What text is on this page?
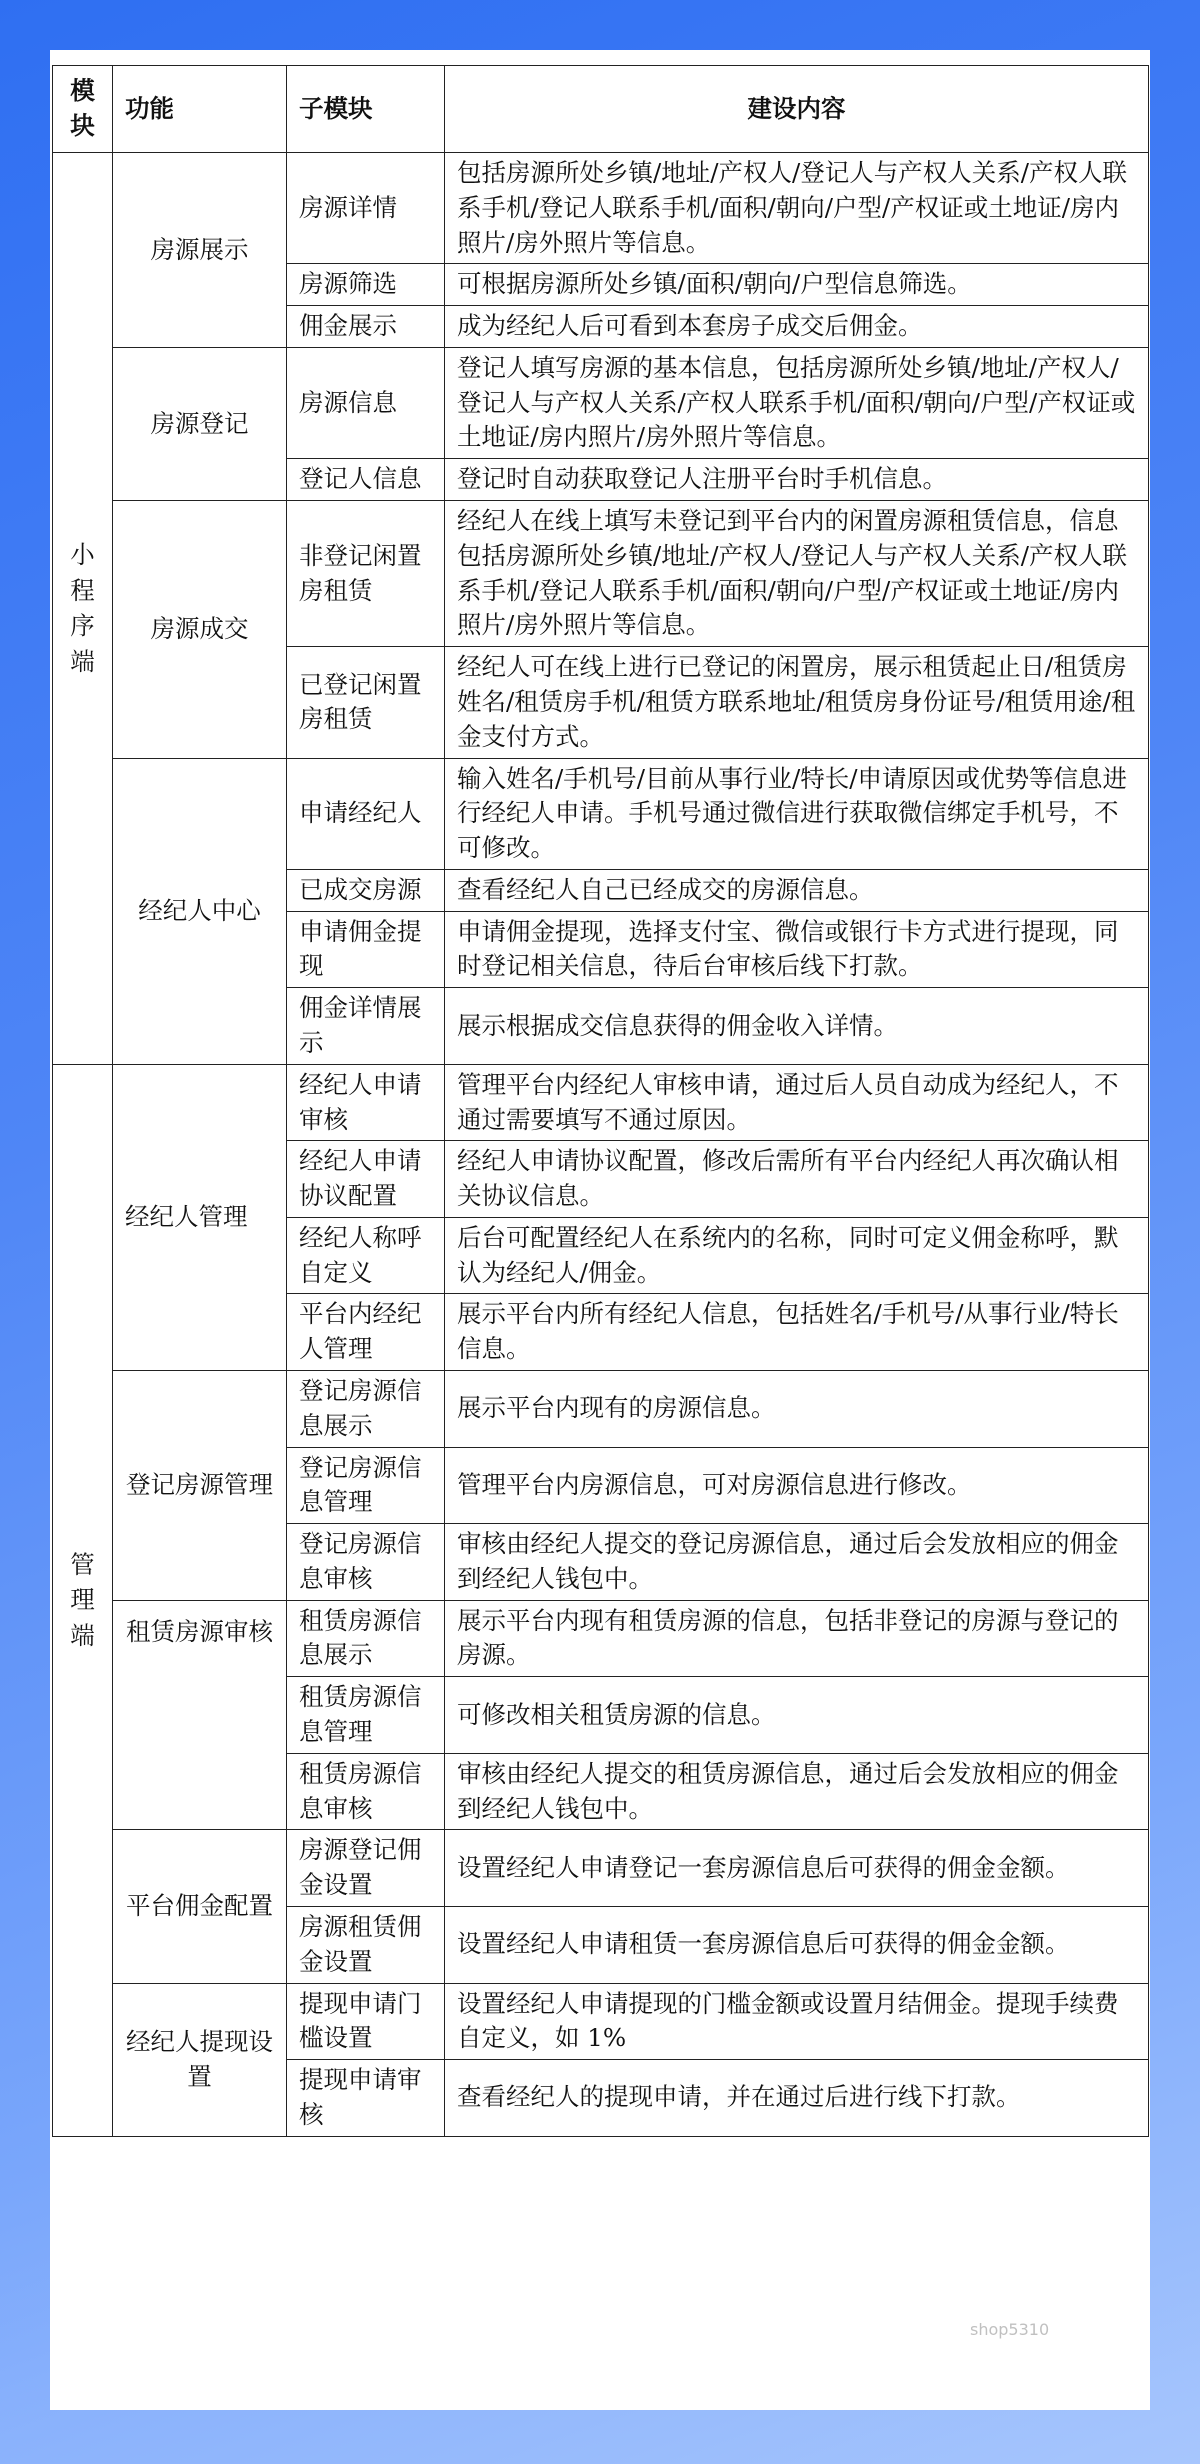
模块	功能	子模块	建设内容

小程序端	房源展示	房源详情	包括房源所处乡镇/地址/产权人/登记人与产权人关系/产权人联系手机/登记人联系手机/面积/朝向/户型/产权证或土地证/房内照片/房外照片等信息。
		房源筛选	可根据房源所处乡镇/面积/朝向/户型信息筛选。
		佣金展示	成为经纪人后可看到本套房子成交后佣金。
	房源登记	房源信息	登记人填写房源的基本信息，包括房源所处乡镇/地址/产权人/登记人与产权人关系/产权人联系手机/面积/朝向/户型/产权证或土地证/房内照片/房外照片等信息。
		登记人信息	登记时自动获取登记人注册平台时手机信息。
	房源成交	非登记闲置房租赁	经纪人在线上填写未登记到平台内的闲置房源租赁信息，信息包括房源所处乡镇/地址/产权人/登记人与产权人关系/产权人联系手机/登记人联系手机/面积/朝向/户型/产权证或土地证/房内照片/房外照片等信息。
		已登记闲置房租赁	经纪人可在线上进行已登记的闲置房，展示租赁起止日/租赁房姓名/租赁房手机/租赁方联系地址/租赁房身份证号/租赁用途/租金支付方式。
	经纪人中心	申请经纪人	输入姓名/手机号/目前从事行业/特长/申请原因或优势等信息进行经纪人申请。手机号通过微信进行获取微信绑定手机号，不可修改。
		已成交房源	查看经纪人自己已经成交的房源信息。
		申请佣金提现	申请佣金提现，选择支付宝、微信或银行卡方式进行提现，同时登记相关信息，待后台审核后线下打款。
		佣金详情展示	展示根据成交信息获得的佣金收入详情。

管理端	经纪人管理	经纪人申请审核	管理平台内经纪人审核申请，通过后人员自动成为经纪人，不通过需要填写不通过原因。
		经纪人申请协议配置	经纪人申请协议配置，修改后需所有平台内经纪人再次确认相关协议信息。
		经纪人称呼自定义	后台可配置经纪人在系统内的名称，同时可定义佣金称呼，默认为经纪人/佣金。
		平台内经纪人管理	展示平台内所有经纪人信息，包括姓名/手机号/从事行业/特长信息。
	登记房源管理	登记房源信息展示	展示平台内现有的房源信息。
		登记房源信息管理	管理平台内房源信息，可对房源信息进行修改。
		登记房源信息审核	审核由经纪人提交的登记房源信息，通过后会发放相应的佣金到经纪人钱包中。
	租赁房源审核	租赁房源信息展示	展示平台内现有租赁房源的信息，包括非登记的房源与登记的房源。
		租赁房源信息管理	可修改相关租赁房源的信息。
		租赁房源信息审核	审核由经纪人提交的租赁房源信息，通过后会发放相应的佣金到经纪人钱包中。
	平台佣金配置	房源登记佣金设置	设置经纪人申请登记一套房源信息后可获得的佣金金额。
		房源租赁佣金设置	设置经纪人申请租赁一套房源信息后可获得的佣金金额。
	经纪人提现设置	提现申请门槛设置	设置经纪人申请提现的门槛金额或设置月结佣金。提现手续费自定义，如 1%
		提现申请审核	查看经纪人的提现申请，并在通过后进行线下打款。
shop5310
